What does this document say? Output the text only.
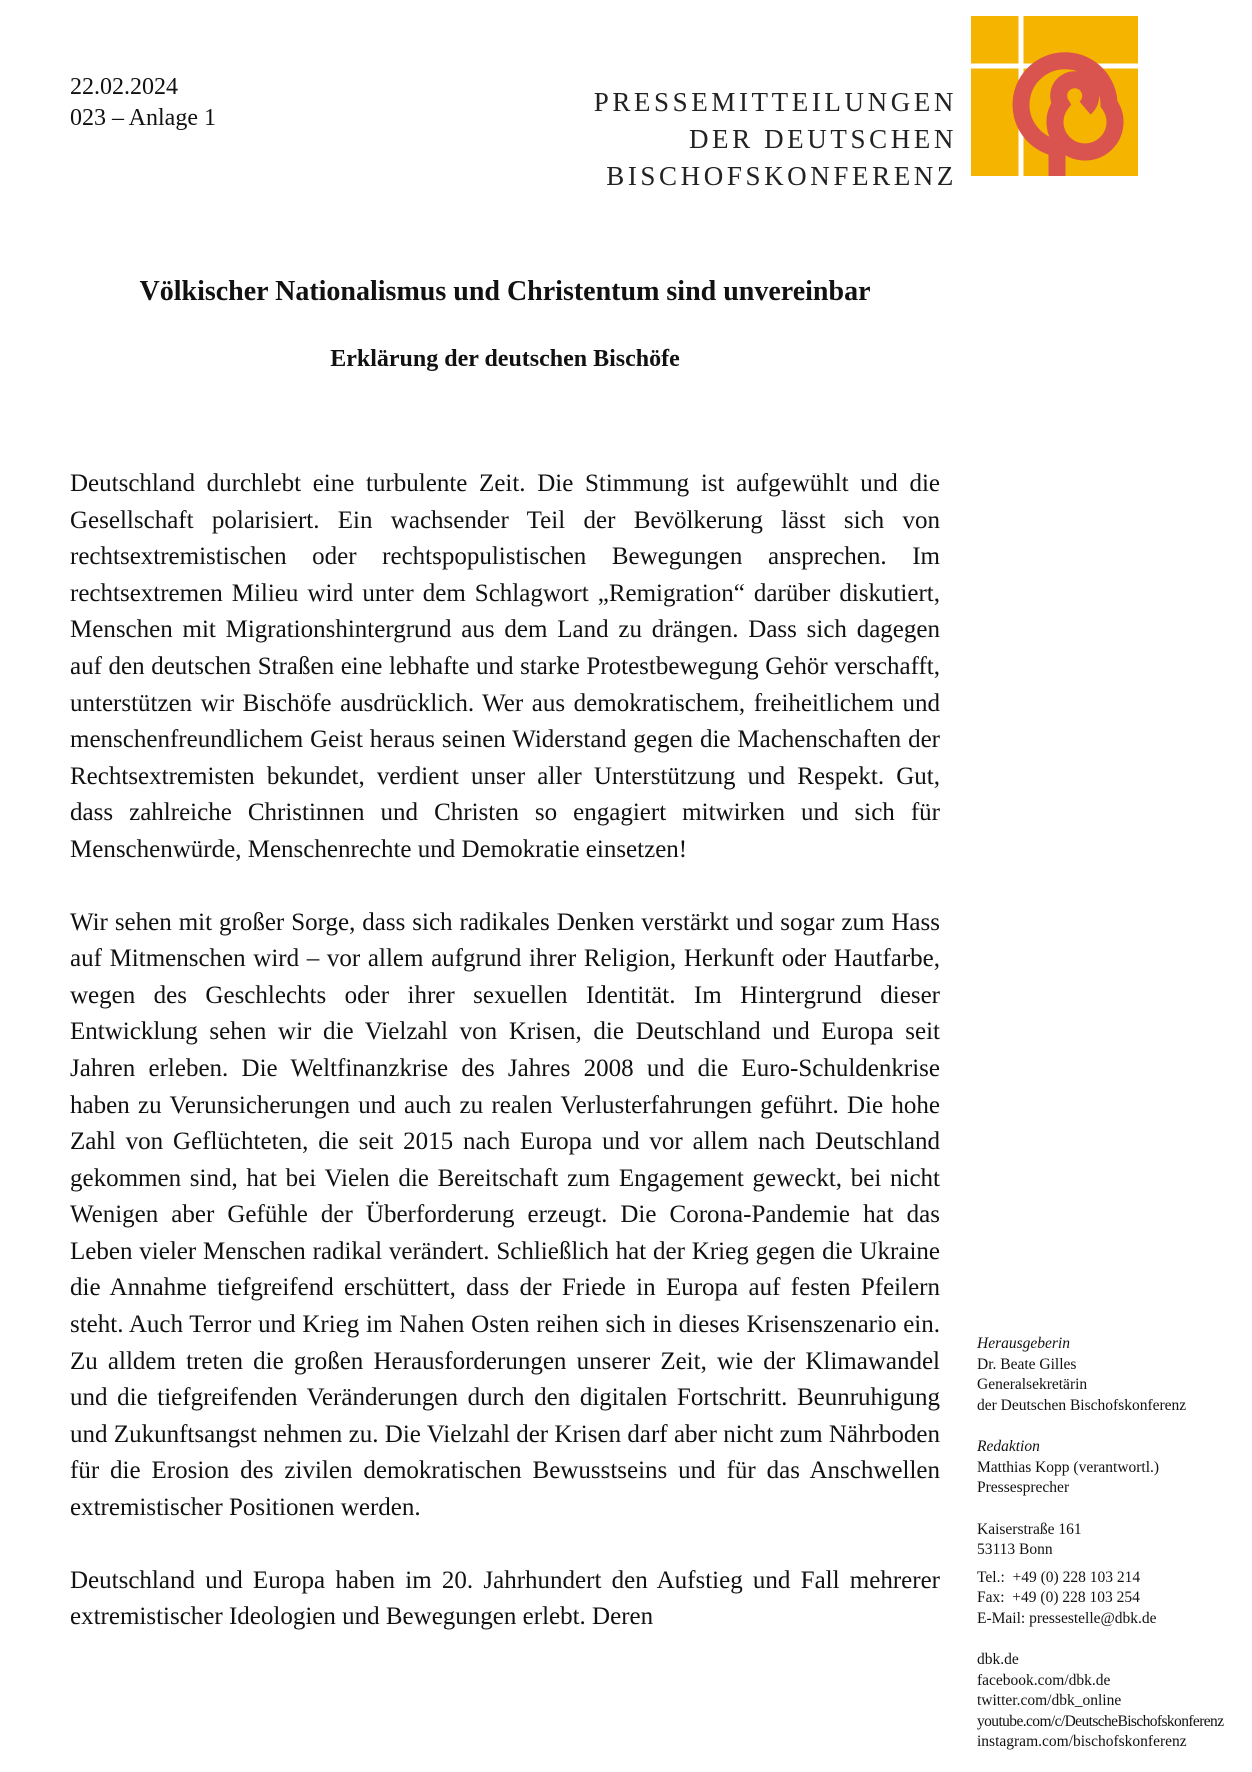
22.02.2024
023 – Anlage 1
PRESSEMITTEILUNGEN
DER DEUTSCHEN
BISCHOFSKONFERENZ
Völkischer Nationalismus und Christentum sind unvereinbar
Erklärung der deutschen Bischöfe

Deutschland durchlebt eine turbulente Zeit. Die Stimmung ist aufgewühlt und die Gesellschaft polarisiert. Ein wachsender Teil der Bevölkerung lässt sich von rechtsextremistischen oder rechtspopulistischen Bewegungen ansprechen. Im rechtsextremen Milieu wird unter dem Schlagwort „Remigration“ darüber diskutiert, Menschen mit Migrationshintergrund aus dem Land zu drängen. Dass sich dagegen auf den deutschen Straßen eine lebhafte und starke Protestbewegung Gehör verschafft, unterstützen wir Bischöfe ausdrücklich. Wer aus demokratischem, freiheitlichem und menschenfreundlichem Geist heraus seinen Widerstand gegen die Machenschaften der Rechtsextremisten bekundet, verdient unser aller Unterstützung und Respekt. Gut, dass zahlreiche Christinnen und Christen so engagiert mitwirken und sich für Menschenwürde, Menschenrechte und Demokratie einsetzen!

Wir sehen mit großer Sorge, dass sich radikales Denken verstärkt und sogar zum Hass auf Mitmenschen wird – vor allem aufgrund ihrer Religion, Herkunft oder Hautfarbe, wegen des Geschlechts oder ihrer sexuellen Identität. Im Hintergrund dieser Entwicklung sehen wir die Vielzahl von Krisen, die Deutschland und Europa seit Jahren erleben. Die Weltfinanzkrise des Jahres 2008 und die Euro-Schuldenkrise haben zu Verunsicherungen und auch zu realen Verlusterfahrungen geführt. Die hohe Zahl von Geflüchteten, die seit 2015 nach Europa und vor allem nach Deutschland gekommen sind, hat bei Vielen die Bereitschaft zum Engagement geweckt, bei nicht Wenigen aber Gefühle der Überforderung erzeugt. Die Corona-Pandemie hat das Leben vieler Menschen radikal verändert. Schließlich hat der Krieg gegen die Ukraine die Annahme tiefgreifend erschüttert, dass der Friede in Europa auf festen Pfeilern steht. Auch Terror und Krieg im Nahen Osten reihen sich in dieses Krisenszenario ein. Zu alldem treten die großen Herausforderungen unserer Zeit, wie der Klimawandel und die tiefgreifenden Veränderungen durch den digitalen Fortschritt. Beunruhigung und Zukunftsangst nehmen zu. Die Vielzahl der Krisen darf aber nicht zum Nährboden für die Erosion des zivilen demokratischen Bewusstseins und für das Anschwellen extremistischer Positionen werden.

Deutschland und Europa haben im 20. Jahrhundert den Aufstieg und Fall mehrerer extremistischer Ideologien und Bewegungen erlebt. Deren

Herausgeberin
Dr. Beate Gilles
Generalsekretärin
der Deutschen Bischofskonferenz
Redaktion
Matthias Kopp (verantwortl.)
Pressesprecher
Kaiserstraße 161
53113 Bonn
Tel.:  +49 (0) 228 103 214
Fax:  +49 (0) 228 103 254
E-Mail: pressestelle@dbk.de
dbk.de
facebook.com/dbk.de
twitter.com/dbk_online
youtube.com/c/DeutscheBischofskonferenz
instagram.com/bischofskonferenz
